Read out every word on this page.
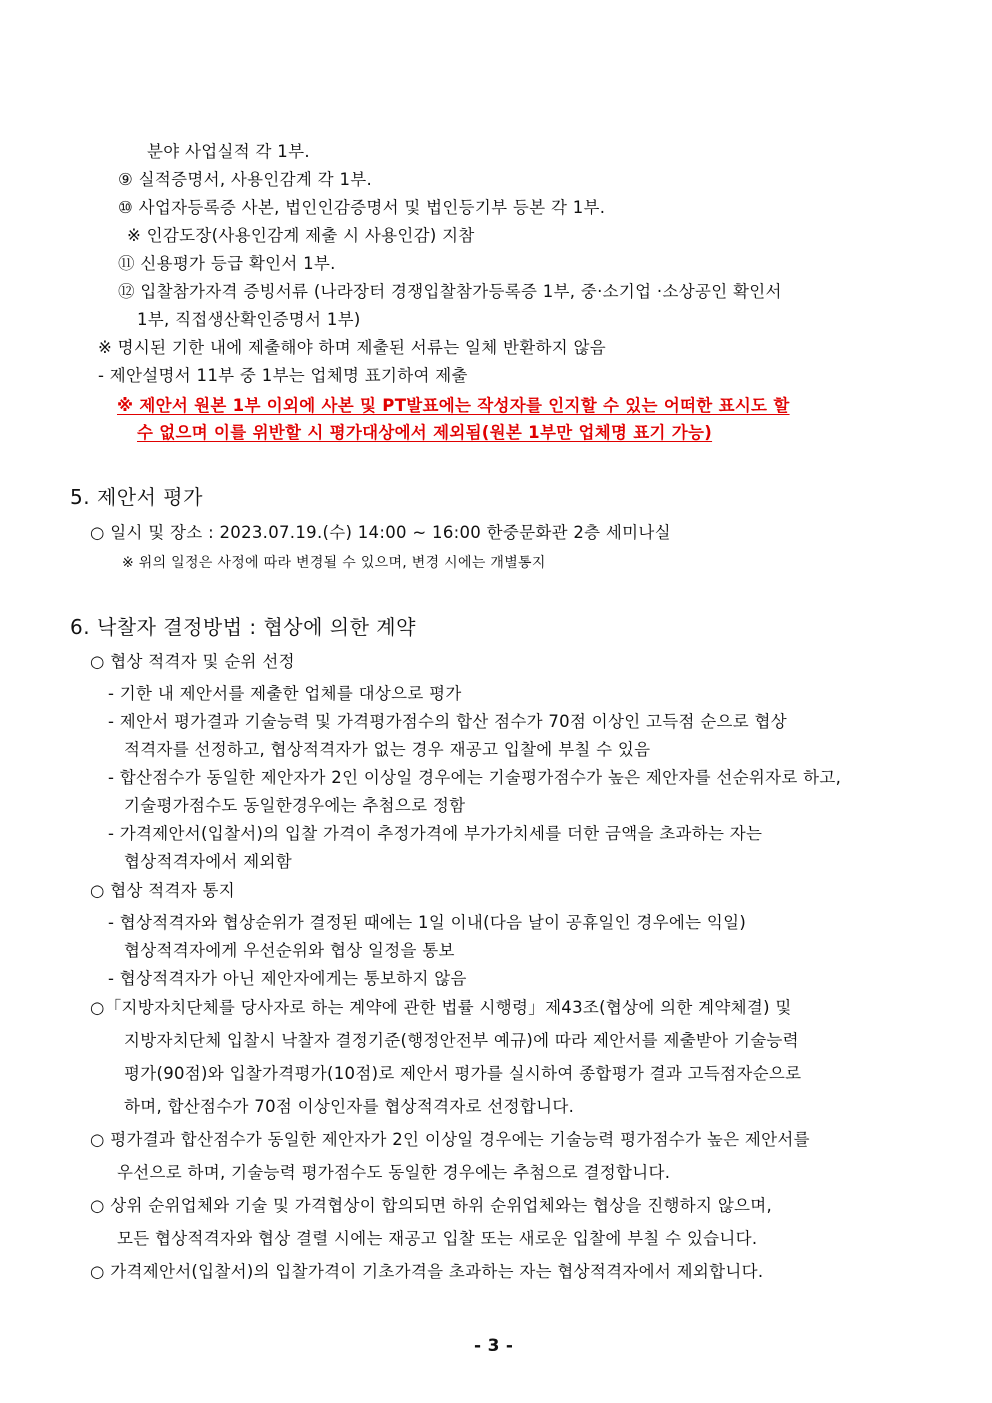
분야 사업실적 각 1부.
⑨ 실적증명서, 사용인감계 각 1부.
⑩ 사업자등록증 사본, 법인인감증명서 및 법인등기부 등본 각 1부.
※ 인감도장(사용인감계 제출 시 사용인감) 지참
⑪ 신용평가 등급 확인서 1부.
⑫ 입찰참가자격 증빙서류 (나라장터 경쟁입찰참가등록증 1부, 중·소기업 ·소상공인 확인서
1부, 직접생산확인증명서 1부)
※ 명시된 기한 내에 제출해야 하며 제출된 서류는 일체 반환하지 않음
- 제안설명서 11부 중 1부는 업체명 표기하여 제출
※ 제안서 원본 1부 이외에 사본 및 PT발표에는 작성자를 인지할 수 있는 어떠한 표시도 할
수 없으며 이를 위반할 시 평가대상에서 제외됨(원본 1부만 업체명 표기 가능)
5. 제안서 평가
○ 일시 및 장소 : 2023.07.19.(수) 14:00 ~ 16:00 한중문화관 2층 세미나실
※ 위의 일정은 사정에 따라 변경될 수 있으며, 변경 시에는 개별통지
6. 낙찰자 결정방법 : 협상에 의한 계약
○ 협상 적격자 및 순위 선정
- 기한 내 제안서를 제출한 업체를 대상으로 평가
- 제안서 평가결과 기술능력 및 가격평가점수의 합산 점수가 70점 이상인 고득점 순으로 협상
적격자를 선정하고, 협상적격자가 없는 경우 재공고 입찰에 부칠 수 있음
- 합산점수가 동일한 제안자가 2인 이상일 경우에는 기술평가점수가 높은 제안자를 선순위자로 하고,
기술평가점수도 동일한경우에는 추첨으로 정함
- 가격제안서(입찰서)의 입찰 가격이 추정가격에 부가가치세를 더한 금액을 초과하는 자는
협상적격자에서 제외함
○ 협상 적격자 통지
- 협상적격자와 협상순위가 결정된 때에는 1일 이내(다음 날이 공휴일인 경우에는 익일)
협상적격자에게 우선순위와 협상 일정을 통보
- 협상적격자가 아닌 제안자에게는 통보하지 않음
○「지방자치단체를 당사자로 하는 계약에 관한 법률 시행령」제43조(협상에 의한 계약체결) 및
지방자치단체 입찰시 낙찰자 결정기준(행정안전부 예규)에 따라 제안서를 제출받아 기술능력
평가(90점)와 입찰가격평가(10점)로 제안서 평가를 실시하여 종합평가 결과 고득점자순으로
하며, 합산점수가 70점 이상인자를 협상적격자로 선정합니다.
○ 평가결과 합산점수가 동일한 제안자가 2인 이상일 경우에는 기술능력 평가점수가 높은 제안서를
우선으로 하며, 기술능력 평가점수도 동일한 경우에는 추첨으로 결정합니다.
○ 상위 순위업체와 기술 및 가격협상이 합의되면 하위 순위업체와는 협상을 진행하지 않으며,
모든 협상적격자와 협상 결렬 시에는 재공고 입찰 또는 새로운 입찰에 부칠 수 있습니다.
○ 가격제안서(입찰서)의 입찰가격이 기초가격을 초과하는 자는 협상적격자에서 제외합니다.
- 3 -
